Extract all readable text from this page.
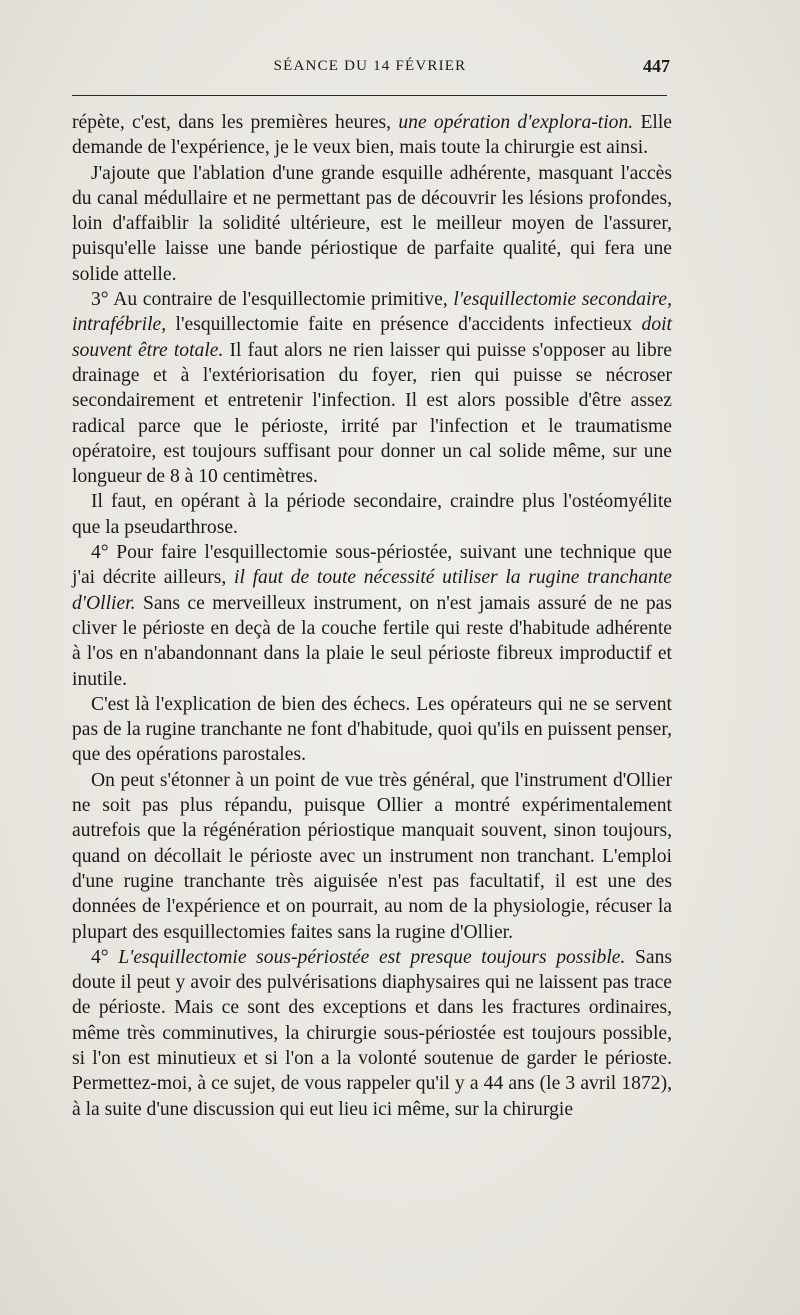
SÉANCE DU 14 FÉVRIER	447

répète, c'est, dans les premières heures, une opération d'explora-tion. Elle demande de l'expérience, je le veux bien, mais toute la chirurgie est ainsi.

J'ajoute que l'ablation d'une grande esquille adhérente, masquant l'accès du canal médullaire et ne permettant pas de découvrir les lésions profondes, loin d'affaiblir la solidité ultérieure, est le meilleur moyen de l'assurer, puisqu'elle laisse une bande périostique de parfaite qualité, qui fera une solide attelle.

3° Au contraire de l'esquillectomie primitive, l'esquillectomie secondaire, intrafébrile, l'esquillectomie faite en présence d'accidents infectieux doit souvent être totale. Il faut alors ne rien laisser qui puisse s'opposer au libre drainage et à l'extériorisation du foyer, rien qui puisse se nécroser secondairement et entretenir l'infection. Il est alors possible d'être assez radical parce que le périoste, irrité par l'infection et le traumatisme opératoire, est toujours suffisant pour donner un cal solide même, sur une longueur de 8 à 10 centimètres.

Il faut, en opérant à la période secondaire, craindre plus l'ostéomyélite que la pseudarthrose.

4° Pour faire l'esquillectomie sous-périostée, suivant une technique que j'ai décrite ailleurs, il faut de toute nécessité utiliser la rugine tranchante d'Ollier. Sans ce merveilleux instrument, on n'est jamais assuré de ne pas cliver le périoste en deçà de la couche fertile qui reste d'habitude adhérente à l'os en n'abandonnant dans la plaie le seul périoste fibreux improductif et inutile.

C'est là l'explication de bien des échecs. Les opérateurs qui ne se servent pas de la rugine tranchante ne font d'habitude, quoi qu'ils en puissent penser, que des opérations parostales.

On peut s'étonner à un point de vue très général, que l'instrument d'Ollier ne soit pas plus répandu, puisque Ollier a montré expérimentalement autrefois que la régénération périostique manquait souvent, sinon toujours, quand on décollait le périoste avec un instrument non tranchant. L'emploi d'une rugine tranchante très aiguisée n'est pas facultatif, il est une des données de l'expérience et on pourrait, au nom de la physiologie, récuser la plupart des esquillectomies faites sans la rugine d'Ollier.

4° L'esquillectomie sous-périostée est presque toujours possible. Sans doute il peut y avoir des pulvérisations diaphysaires qui ne laissent pas trace de périoste. Mais ce sont des exceptions et dans les fractures ordinaires, même très comminutives, la chirurgie sous-périostée est toujours possible, si l'on est minutieux et si l'on a la volonté soutenue de garder le périoste. Permettez-moi, à ce sujet, de vous rappeler qu'il y a 44 ans (le 3 avril 1872), à la suite d'une discussion qui eut lieu ici même, sur la chirurgie
